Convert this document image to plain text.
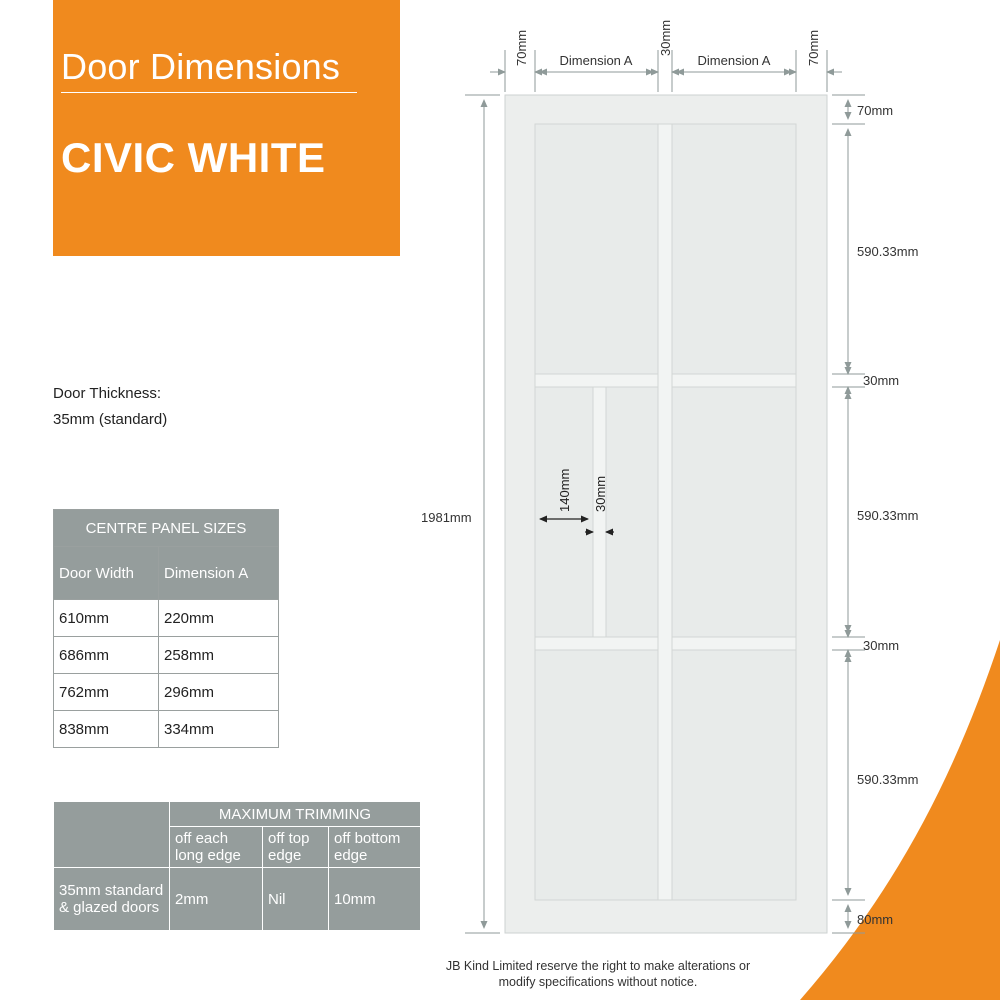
Door Dimensions
CIVIC WHITE
Door Thickness:
35mm (standard)
CENTRE PANEL SIZES	
Door Width	Dimension A
610mm	220mm
686mm	258mm
762mm	296mm
838mm	334mm
	MAXIMUM TRIMMING		
	off each long edge	off top edge	off bottom edge
35mm standard & glazed doors	2mm	Nil	10mm
70mm Dimension A
30mm
Dimension A	70mm
70mm
590.33mm
30mm
590.33mm
30mm
590.33mm
80mm
1981mm
140mm 30mm
JB Kind Limited reserve the right to make alterations or
modify specifications without notice.
